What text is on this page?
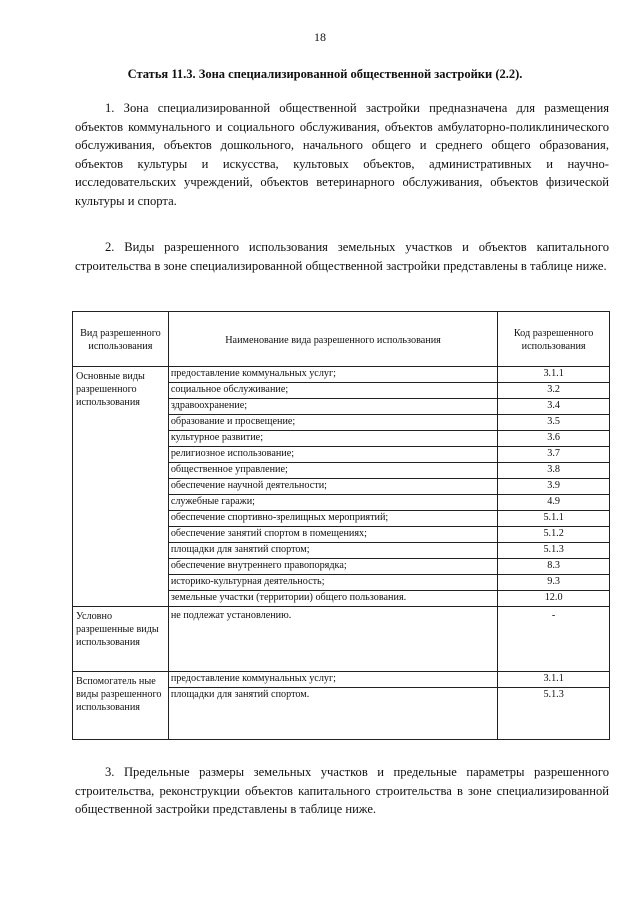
18
Статья 11.3. Зона специализированной общественной застройки (2.2).

1. Зона специализированной общественной застройки предназначена для размещения объектов коммунального и социального обслуживания, объектов амбулаторно-поликлинического обслуживания, объектов дошкольного, начального общего и среднего общего образования, объектов культуры и искусства, культовых объектов, административных и научно-исследовательских учреждений, объектов ветеринарного обслуживания, объектов физической культуры и спорта.

2. Виды разрешенного использования земельных участков и объектов капитального строительства в зоне специализированной общественной застройки представлены в таблице ниже.

Вид разрешенного использования	Наименование вида разрешенного использования	Код разрешенного использования
Основные виды разрешенного использования	предоставление коммунальных услуг;	3.1.1
	социальное обслуживание;	3.2
	здравоохранение;	3.4
	образование и просвещение;	3.5
	культурное развитие;	3.6
	религиозное использование;	3.7
	общественное управление;	3.8
	обеспечение научной деятельности;	3.9
	служебные гаражи;	4.9
	обеспечение спортивно-зрелищных мероприятий;	5.1.1
	обеспечение занятий спортом в помещениях;	5.1.2
	площадки для занятий спортом;	5.1.3
	обеспечение внутреннего правопорядка;	8.3
	историко-культурная деятельность;	9.3
	земельные участки (территории) общего пользования.	12.0
Условно разрешенные виды использования	не подлежат установлению.	-
Вспомогатель ные виды разрешенного использования	предоставление коммунальных услуг;	3.1.1
	площадки для занятий спортом.	5.1.3

3. Предельные размеры земельных участков и предельные параметры разрешенного строительства, реконструкции объектов капитального строительства в зоне специализированной общественной застройки представлены в таблице ниже.
